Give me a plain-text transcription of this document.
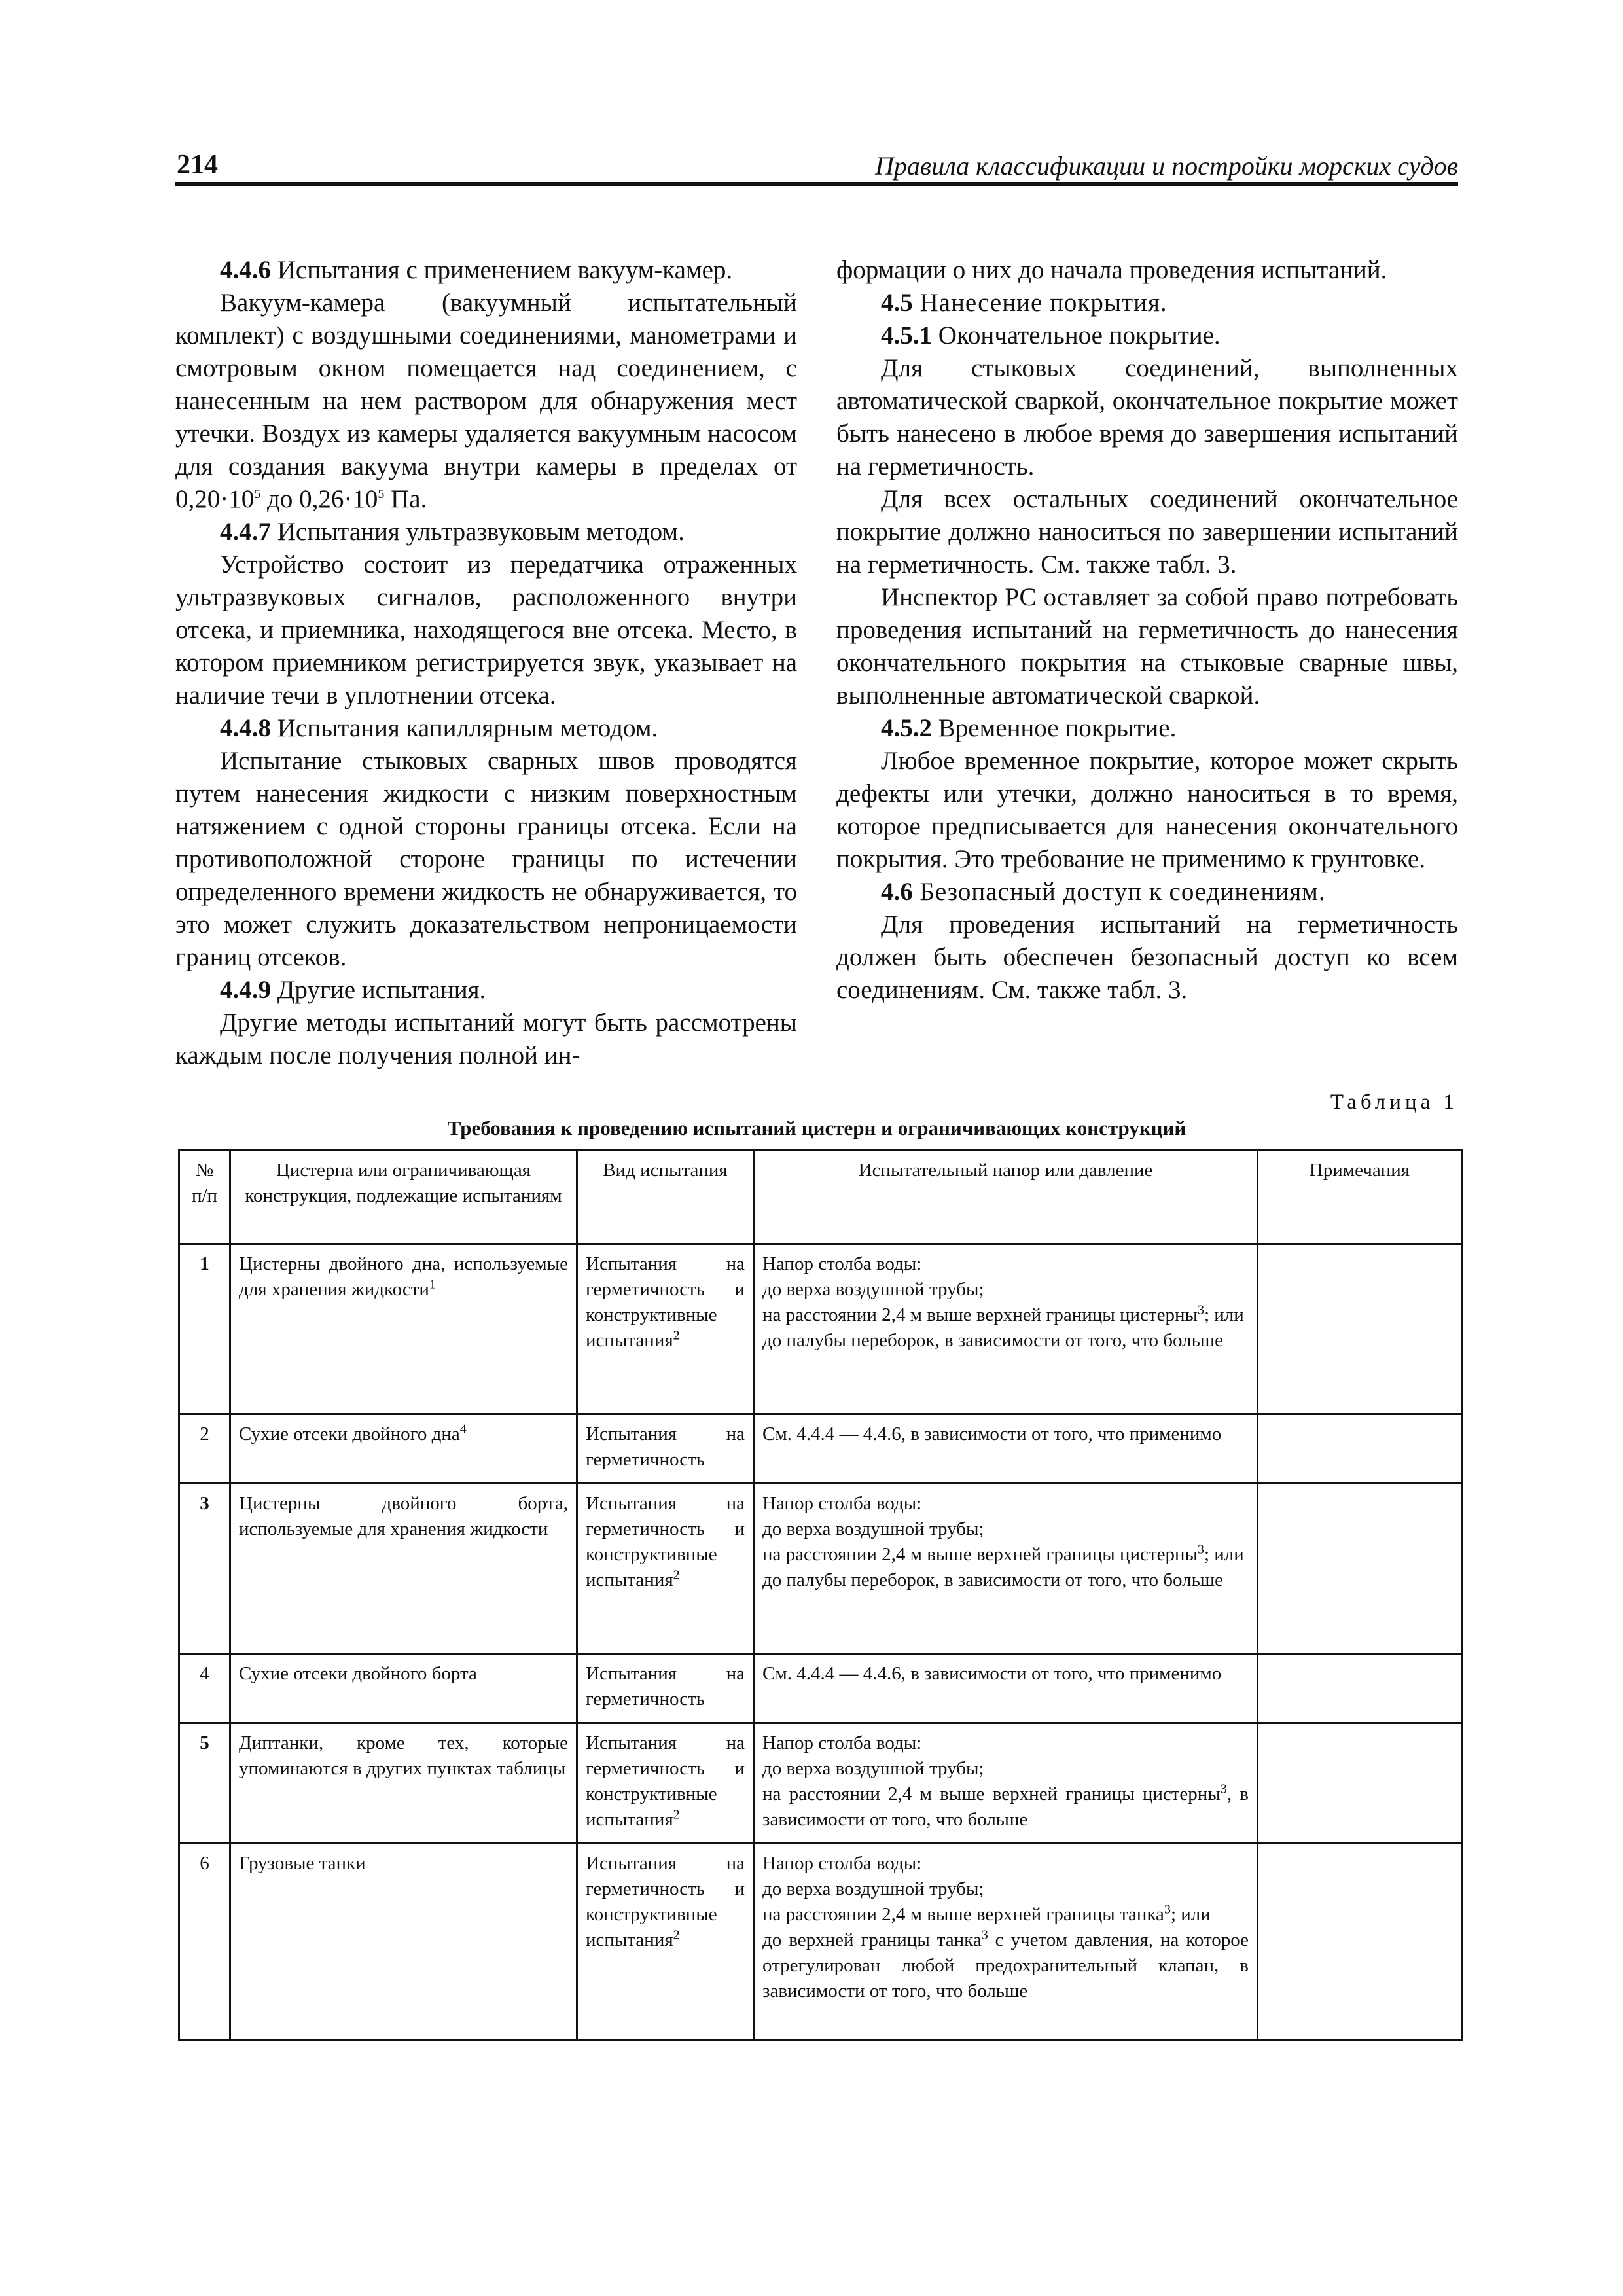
214	Правила классификации и постройки морских судов

4.4.6 Испытания с применением вакуум-камер.

Вакуум-камера (вакуумный испытательный комплект) с воздушными соединениями, манометрами и смотровым окном помещается над соединением, с нанесенным на нем раствором для обнаружения мест утечки. Воздух из камеры удаляется вакуумным насосом для создания вакуума внутри камеры в пределах от $0,20\cdot 10^5$ до $0,26\cdot 10^5$ Па.

4.4.7 Испытания ультразвуковым методом.

Устройство состоит из передатчика отраженных ультразвуковых сигналов, расположенного внутри отсека, и приемника, находящегося вне отсека. Место, в котором приемником регистрируется звук, указывает на наличие течи в уплотнении отсека.

4.4.8 Испытания капиллярным методом.

Испытание стыковых сварных швов проводятся путем нанесения жидкости с низким поверхностным натяжением с одной стороны границы отсека. Если на противоположной стороне границы по истечении определенного времени жидкость не обнаруживается, то это может служить доказательством непроницаемости границ отсеков.

4.4.9 Другие испытания.

Другие методы испытаний могут быть рассмотрены каждым после получения полной ин-

формации о них до начала проведения испытаний.

4.5 Нанесение покрытия.

4.5.1 Окончательное покрытие.

Для стыковых соединений, выполненных автоматической сваркой, окончательное покрытие может быть нанесено в любое время до завершения испытаний на герметичность.

Для всех остальных соединений окончательное покрытие должно наноситься по завершении испытаний на герметичность. См. также табл. 3.

Инспектор РС оставляет за собой право потребовать проведения испытаний на герметичность до нанесения окончательного покрытия на стыковые сварные швы, выполненные автоматической сваркой.

4.5.2 Временное покрытие.

Любое временное покрытие, которое может скрыть дефекты или утечки, должно наноситься в то время, которое предписывается для нанесения окончательного покрытия. Это требование не применимо к грунтовке.

4.6 Безопасный доступ к соединениям.

Для проведения испытаний на герметичность должен быть обеспечен безопасный доступ ко всем соединениям. См. также табл. 3.

Таблица 1
Требования к проведению испытаний цистерн и ограничивающих конструкций
№ п/п	Цистерна или ограничивающая конструкция, подлежащие испытаниям	Вид испытания	Испытательный напор или давление	Примечания
1	Цистерны двойного дна, используемые для хранения жидкости$^1$	Испытания на герметичность и конструктивные испытания$^2$	Напор столба воды:
до верха воздушной трубы;
на расстоянии 2,4 м выше верхней границы цистерны$^3$; или
до палубы переборок, в зависимости от того, что больше	

2	Сухие отсеки двойного дна$^4$	Испытания на герметичность	См. 4.4.4 — 4.4.6, в зависимости от того, что применимо	
3	Цистерны двойного борта, используемые для хранения жидкости	Испытания на герметичность и конструктивные испытания$^2$	Напор столба воды:
до верха воздушной трубы;
на расстоянии 2,4 м выше верхней границы цистерны$^3$; или
до палубы переборок, в зависимости от того, что больше	

4	Сухие отсеки двойного борта	Испытания на герметичность	См. 4.4.4 — 4.4.6, в зависимости от того, что применимо	
5	Диптанки, кроме тех, которые упоминаются в других пунктах таблицы	Испытания на герметичность и конструктивные испытания$^2$	Напор столба воды:
до верха воздушной трубы;
на расстоянии 2,4 м выше верхней границы цистерны$^3$, в зависимости от того, что больше	

6	Грузовые танки	Испытания на герметичность и конструктивные испытания$^2$	Напор столба воды:
до верха воздушной трубы;
на расстоянии 2,4 м выше верхней границы танка$^3$; или
до верхней границы танка$^3$ с учетом давления, на которое отрегулирован любой предохранительный клапан, в зависимости от того, что больше	
